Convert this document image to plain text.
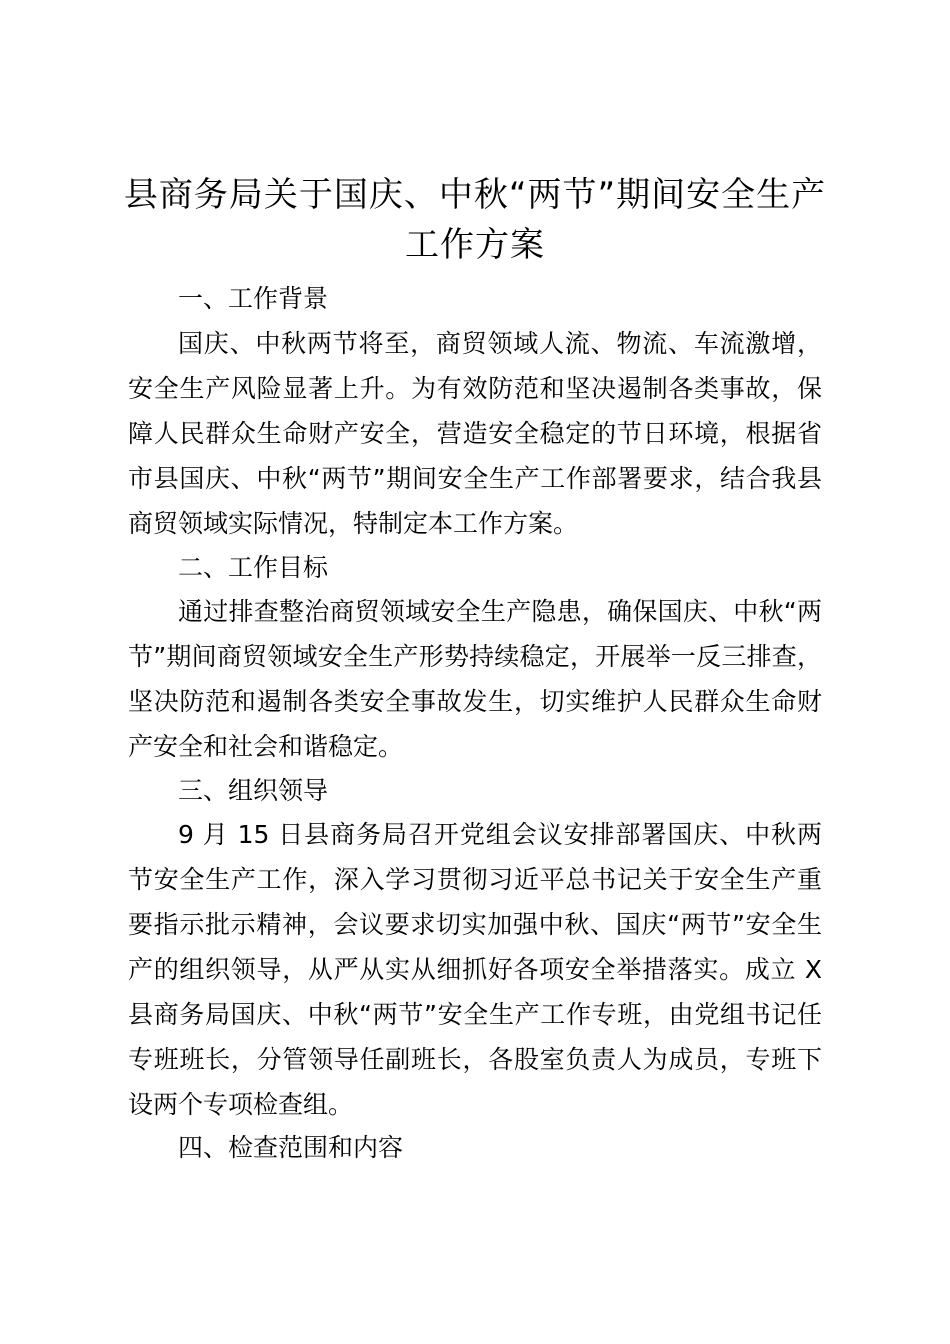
县商务局关于国庆、中秋“两节”期间安全生产工作方案

一、工作背景

国庆、中秋两节将至，商贸领域人流、物流、车流激增，安全生产风险显著上升。为有效防范和坚决遏制各类事故，保障人民群众生命财产安全，营造安全稳定的节日环境，根据省市县国庆、中秋“两节”期间安全生产工作部署要求，结合我县商贸领域实际情况，特制定本工作方案。

二、工作目标

通过排查整治商贸领域安全生产隐患，确保国庆、中秋“两节”期间商贸领域安全生产形势持续稳定，开展举一反三排查，坚决防范和遏制各类安全事故发生，切实维护人民群众生命财产安全和社会和谐稳定。

三、组织领导

9 月 15 日县商务局召开党组会议安排部署国庆、中秋两节安全生产工作，深入学习贯彻习近平总书记关于安全生产重要指示批示精神，会议要求切实加强中秋、国庆“两节”安全生产的组织领导，从严从实从细抓好各项安全举措落实。成立 X 县商务局国庆、中秋“两节”安全生产工作专班，由党组书记任专班班长，分管领导任副班长，各股室负责人为成员，专班下设两个专项检查组。

四、检查范围和内容
